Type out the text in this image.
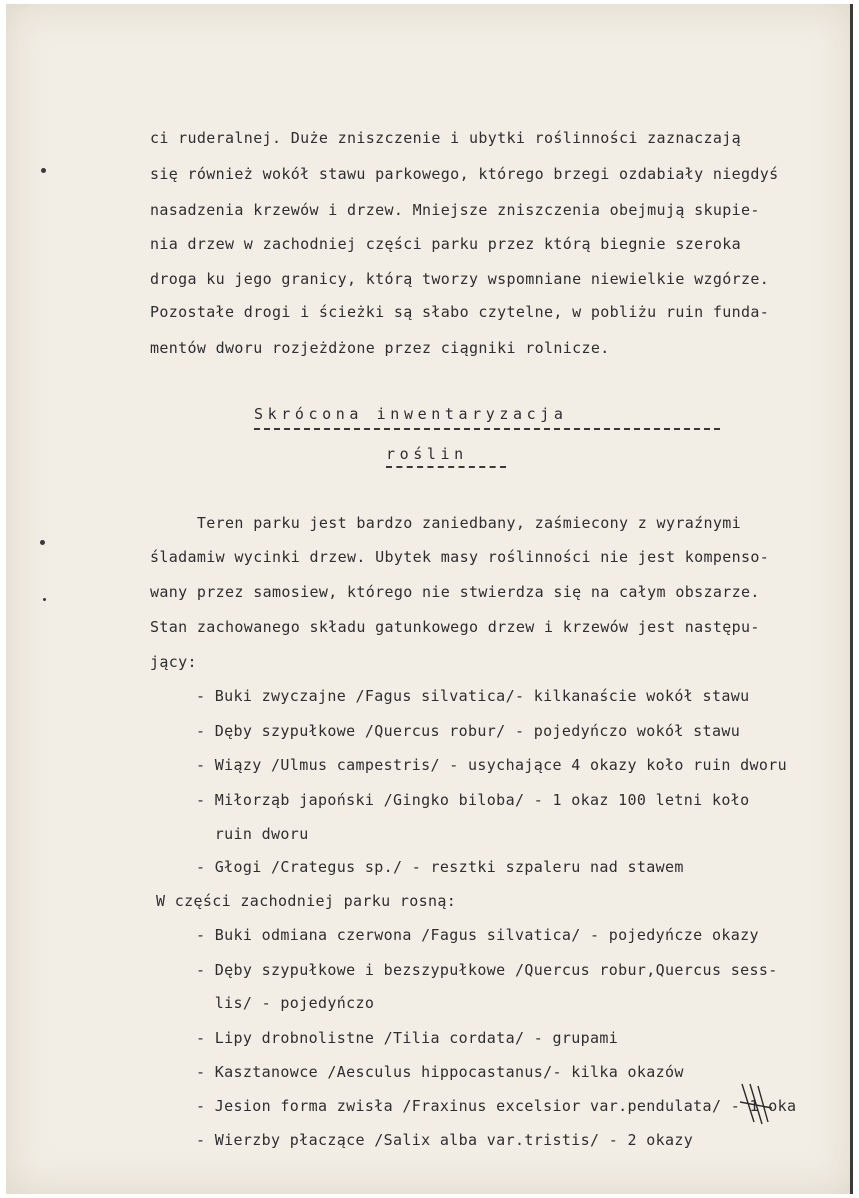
ci ruderalnej. Duże zniszczenie i ubytki roślinności zaznaczają
się również wokół stawu parkowego, którego brzegi ozdabiały niegdyś
nasadzenia krzewów i drzew. Mniejsze zniszczenia obejmują skupie-
nia drzew w zachodniej części parku przez którą biegnie szeroka
droga ku jego granicy, którą tworzy wspomniane niewielkie wzgórze.
Pozostałe drogi i ścieżki są słabo czytelne, w pobliżu ruin funda-
mentów dworu rozjeżdżone przez ciągniki rolnicze.
Skrócona inwentaryzacja
roślin
Teren parku jest bardzo zaniedbany, zaśmiecony z wyraźnymi
śladamiw wycinki drzew. Ubytek masy roślinności nie jest kompenso-
wany przez samosiew, którego nie stwierdza się na całym obszarze.
Stan zachowanego składu gatunkowego drzew i krzewów jest następu-
jący:
- Buki zwyczajne /Fagus silvatica/- kilkanaście wokół stawu
- Dęby szypułkowe /Quercus robur/ - pojedyńczo wokół stawu
- Wiązy /Ulmus campestris/ - usychające 4 okazy koło ruin dworu
- Miłorząb japoński /Gingko biloba/ - 1 okaz 100 letni koło
ruin dworu
- Głogi /Crategus sp./ - resztki szpaleru nad stawem
W części zachodniej parku rosną:
- Buki odmiana czerwona /Fagus silvatica/ - pojedyńcze okazy
- Dęby szypułkowe i bezszypułkowe /Quercus robur,Quercus sess-
lis/ - pojedyńczo
- Lipy drobnolistne /Tilia cordata/ - grupami
- Kasztanowce /Aesculus hippocastanus/- kilka okazów
- Jesion forma zwisła /Fraxinus excelsior var.pendulata/ - 1 oka
- Wierzby płaczące /Salix alba var.tristis/ - 2 okazy
